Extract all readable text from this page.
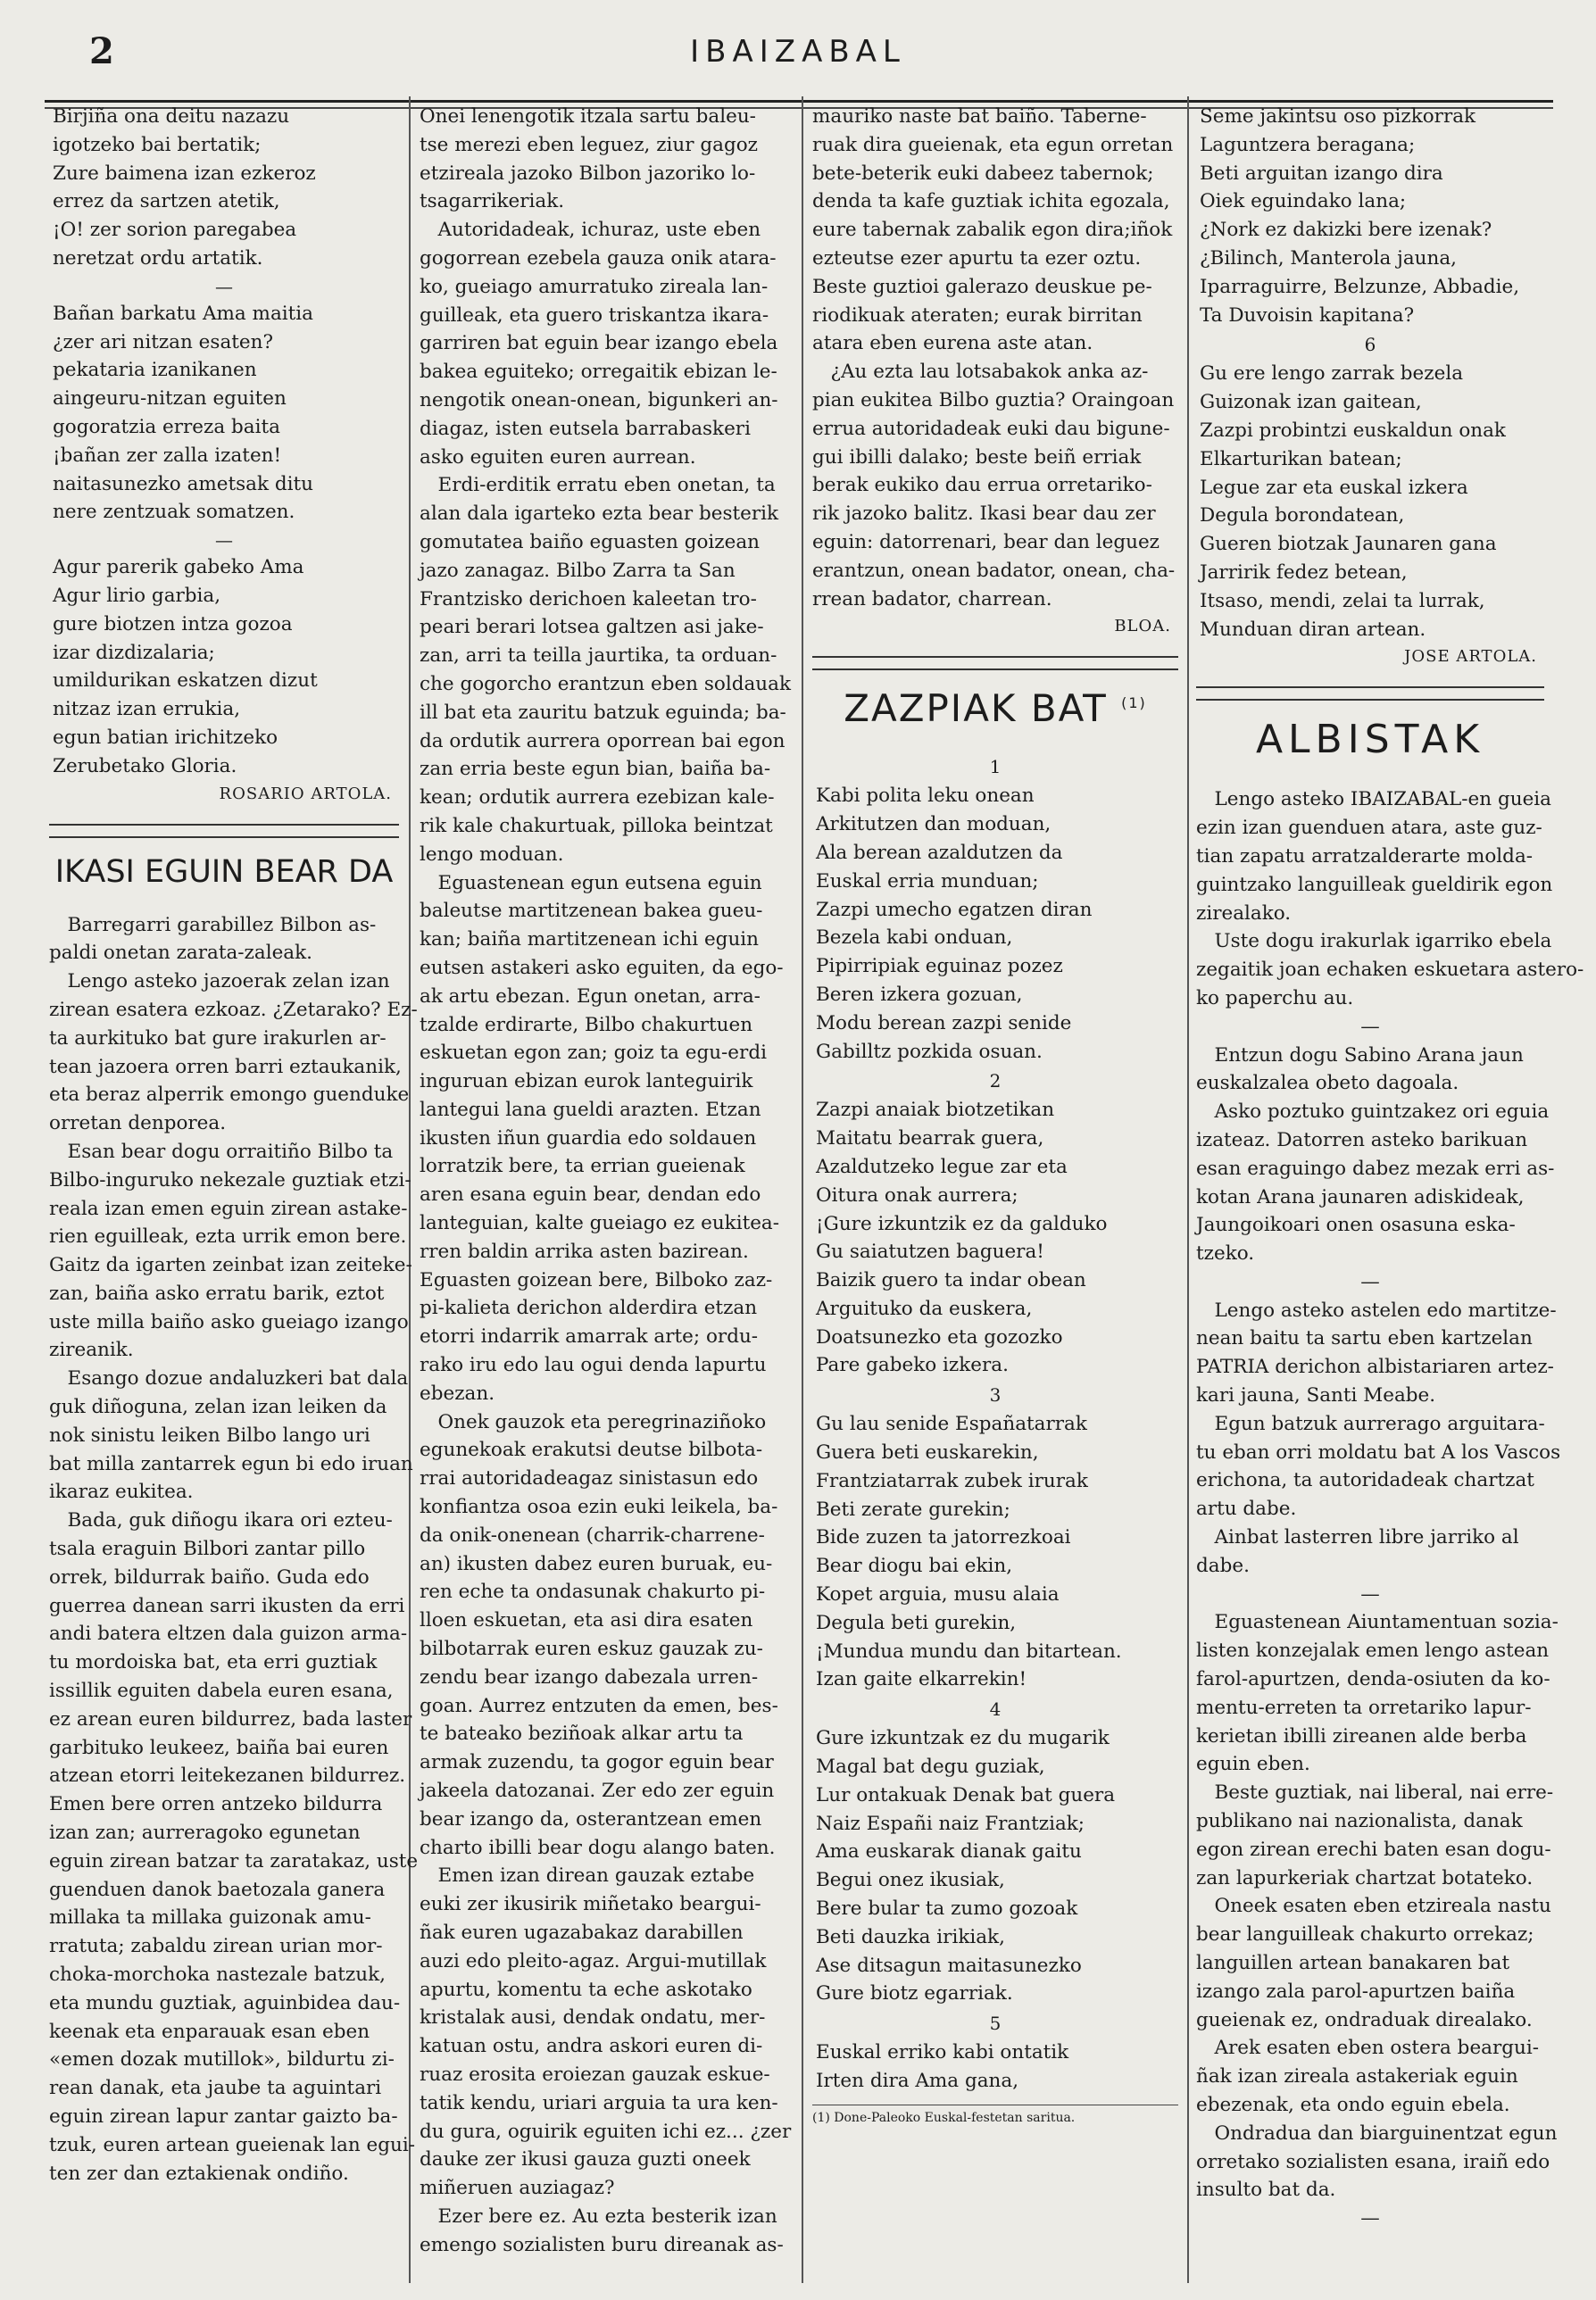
2	IBAIZABAL
Birjiña ona deitu nazazu
igotzeko bai bertatik;
Zure baimena izan ezkeroz
errez da sartzen atetik,
¡O! zer sorion paregabea
neretzat ordu artatik.
—
Bañan barkatu Ama maitia
¿zer ari nitzan esaten?
pekataria izanikanen
aingeuru-nitzan eguiten
gogoratzia erreza baita
¡bañan zer zalla izaten!
naitasunezko ametsak ditu
nere zentzuak somatzen.
—
Agur parerik gabeko Ama
Agur lirio garbia,
gure biotzen intza gozoa
izar dizdizalaria;
umildurikan eskatzen dizut
nitzaz izan errukia,
egun batian irichitzeko
Zerubetako Gloria.
ROSARIO ARTOLA.
IKASI EGUIN BEAR DA
Barregarri garabillez Bilbon as-
paldi onetan zarata-zaleak.
Lengo asteko jazoerak zelan izan
zirean esatera ezkoaz. ¿Zetarako? Ez-
ta aurkituko bat gure irakurlen ar-
tean jazoera orren barri eztaukanik,
eta beraz alperrik emongo guenduke
orretan denporea.
Esan bear dogu orraitiño Bilbo ta
Bilbo-inguruko nekezale guztiak etzi-
reala izan emen eguin zirean astake-
rien eguilleak, ezta urrik emon bere.
Gaitz da igarten zeinbat izan zeiteke-
zan, baiña asko erratu barik, eztot
uste milla baiño asko gueiago izango
zireanik.
Esango dozue andaluzkeri bat dala
guk diñoguna, zelan izan leiken da
nok sinistu leiken Bilbo lango uri
bat milla zantarrek egun bi edo iruan
ikaraz eukitea.
Bada, guk diñogu ikara ori ezteu-
tsala eraguin Bilbori zantar pillo
orrek, bildurrak baiño. Guda edo
guerrea danean sarri ikusten da erri
andi batera eltzen dala guizon arma-
tu mordoiska bat, eta erri guztiak
issillik eguiten dabela euren esana,
ez arean euren bildurrez, bada laster
garbituko leukeez, baiña bai euren
atzean etorri leitekezanen bildurrez.
Emen bere orren antzeko bildurra
izan zan; aurreragoko egunetan
eguin zirean batzar ta zaratakaz, uste
guenduen danok baetozala ganera
millaka ta millaka guizonak amu-
rratuta; zabaldu zirean urian mor-
choka-morchoka nastezale batzuk,
eta mundu guztiak, aguinbidea dau-
keenak eta enparauak esan eben
«emen dozak mutillok», bildurtu zi-
rean danak, eta jaube ta aguintari
eguin zirean lapur zantar gaizto ba-
tzuk, euren artean gueienak lan egui-
ten zer dan eztakienak ondiño.
Onei lenengotik itzala sartu baleu-
tse merezi eben leguez, ziur gagoz
etzireala jazoko Bilbon jazoriko lo-
tsagarrikeriak.
Autoridadeak, ichuraz, uste eben
gogorrean ezebela gauza onik atara-
ko, gueiago amurratuko zireala lan-
guilleak, eta guero triskantza ikara-
garriren bat eguin bear izango ebela
bakea eguiteko; orregaitik ebizan le-
nengotik onean-onean, bigunkeri an-
diagaz, isten eutsela barrabaskeri
asko eguiten euren aurrean.
Erdi-erditik erratu eben onetan, ta
alan dala igarteko ezta bear besterik
gomutatea baiño eguasten goizean
jazo zanagaz. Bilbo Zarra ta San
Frantzisko derichoen kaleetan tro-
peari berari lotsea galtzen asi jake-
zan, arri ta teilla jaurtika, ta orduan-
che gogorcho erantzun eben soldauak
ill bat eta zauritu batzuk eguinda; ba-
da ordutik aurrera oporrean bai egon
zan erria beste egun bian, baiña ba-
kean; ordutik aurrera ezebizan kale-
rik kale chakurtuak, pilloka beintzat
lengo moduan.
Eguastenean egun eutsena eguin
baleutse martitzenean bakea gueu-
kan; baiña martitzenean ichi eguin
eutsen astakeri asko eguiten, da ego-
ak artu ebezan. Egun onetan, arra-
tzalde erdirarte, Bilbo chakurtuen
eskuetan egon zan; goiz ta egu-erdi
inguruan ebizan eurok lanteguirik
lantegui lana gueldi arazten. Etzan
ikusten iñun guardia edo soldauen
lorratzik bere, ta errian gueienak
aren esana eguin bear, dendan edo
lanteguian, kalte gueiago ez eukitea-
rren baldin arrika asten bazirean.
Eguasten goizean bere, Bilboko zaz-
pi-kalieta derichon alderdira etzan
etorri indarrik amarrak arte; ordu-
rako iru edo lau ogui denda lapurtu
ebezan.
Onek gauzok eta peregrinaziñoko
egunekoak erakutsi deutse bilbota-
rrai autoridadeagaz sinistasun edo
konfiantza osoa ezin euki leikela, ba-
da onik-onenean (charrik-charrene-
an) ikusten dabez euren buruak, eu-
ren eche ta ondasunak chakurto pi-
lloen eskuetan, eta asi dira esaten
bilbotarrak euren eskuz gauzak zu-
zendu bear izango dabezala urren-
goan. Aurrez entzuten da emen, bes-
te bateako beziñoak alkar artu ta
armak zuzendu, ta gogor eguin bear
jakeela datozanai. Zer edo zer eguin
bear izango da, osterantzean emen
charto ibilli bear dogu alango baten.
Emen izan direan gauzak eztabe
euki zer ikusirik miñetako beargui-
ñak euren ugazabakaz darabillen
auzi edo pleito-agaz. Argui-mutillak
apurtu, komentu ta eche askotako
kristalak ausi, dendak ondatu, mer-
katuan ostu, andra askori euren di-
ruaz erosita eroiezan gauzak eskue-
tatik kendu, uriari arguia ta ura ken-
du gura, oguirik eguiten ichi ez... ¿zer
dauke zer ikusi gauza guzti oneek
miñeruen auziagaz?
Ezer bere ez. Au ezta besterik izan
emengo sozialisten buru direanak as-
mauriko naste bat baiño. Taberne-
ruak dira gueienak, eta egun orretan
bete-beterik euki dabeez tabernok;
denda ta kafe guztiak ichita egozala,
eure tabernak zabalik egon dira;iñok
ezteutse ezer apurtu ta ezer oztu.
Beste guztioi galerazo deuskue pe-
riodikuak ateraten; eurak birritan
atara eben eurena aste atan.
¿Au ezta lau lotsabakok anka az-
pian eukitea Bilbo guztia? Oraingoan
errua autoridadeak euki dau bigune-
gui ibilli dalako; beste beiñ erriak
berak eukiko dau errua orretariko-
rik jazoko balitz. Ikasi bear dau zer
eguin: datorrenari, bear dan leguez
erantzun, onean badator, onean, cha-
rrean badator, charrean.
BLOA.
ZAZPIAK BAT $^{(1)}$
1
Kabi polita leku onean
Arkitutzen dan moduan,
Ala berean azaldutzen da
Euskal erria munduan;
Zazpi umecho egatzen diran
Bezela kabi onduan,
Pipirripiak eguinaz pozez
Beren izkera gozuan,
Modu berean zazpi senide
Gabilltz pozkida osuan.
2
Zazpi anaiak biotzetikan
Maitatu bearrak guera,
Azaldutzeko legue zar eta
Oitura onak aurrera;
¡Gure izkuntzik ez da galduko
Gu saiatutzen baguera!
Baizik guero ta indar obean
Arguituko da euskera,
Doatsunezko eta gozozko
Pare gabeko izkera.
3
Gu lau senide Españatarrak
Guera beti euskarekin,
Frantziatarrak zubek irurak
Beti zerate gurekin;
Bide zuzen ta jatorrezkoai
Bear diogu bai ekin,
Kopet arguia, musu alaia
Degula beti gurekin,
¡Mundua mundu dan bitartean.
Izan gaite elkarrekin!
4
Gure izkuntzak ez du mugarik
Magal bat degu guziak,
Lur ontakuak Denak bat guera
Naiz Españi naiz Frantziak;
Ama euskarak dianak gaitu
Begui onez ikusiak,
Bere bular ta zumo gozoak
Beti dauzka irikiak,
Ase ditsagun maitasunezko
Gure biotz egarriak.
5
Euskal erriko kabi ontatik
Irten dira Ama gana,
(1) Done-Paleoko Euskal-festetan saritua.
Seme jakintsu oso pizkorrak
Laguntzera beragana;
Beti arguitan izango dira
Oiek eguindako lana;
¿Nork ez dakizki bere izenak?
¿Bilinch, Manterola jauna,
Iparraguirre, Belzunze, Abbadie,
Ta Duvoisin kapitana?
6
Gu ere lengo zarrak bezela
Guizonak izan gaitean,
Zazpi probintzi euskaldun onak
Elkarturikan batean;
Legue zar eta euskal izkera
Degula borondatean,
Gueren biotzak Jaunaren gana
Jarririk fedez betean,
Itsaso, mendi, zelai ta lurrak,
Munduan diran artean.
JOSE ARTOLA.
ALBISTAK
Lengo asteko IBAIZABAL-en gueia
ezin izan guenduen atara, aste guz-
tian zapatu arratzalderarte molda-
guintzako languilleak gueldirik egon
zirealako.
Uste dogu irakurlak igarriko ebela
zegaitik joan echaken eskuetara astero-
ko paperchu au.
—
Entzun dogu Sabino Arana jaun
euskalzalea obeto dagoala.
Asko poztuko guintzakez ori eguia
izateaz. Datorren asteko barikuan
esan eraguingo dabez mezak erri as-
kotan Arana jaunaren adiskideak,
Jaungoikoari onen osasuna eska-
tzeko.
—
Lengo asteko astelen edo martitze-
nean baitu ta sartu eben kartzelan
PATRIA derichon albistariaren artez-
kari jauna, Santi Meabe.
Egun batzuk aurrerago arguitara-
tu eban orri moldatu bat A los Vascos
erichona, ta autoridadeak chartzat
artu dabe.
Ainbat lasterren libre jarriko al
dabe.
—
Eguastenean Aiuntamentuan sozia-
listen konzejalak emen lengo astean
farol-apurtzen, denda-osiuten da ko-
mentu-erreten ta orretariko lapur-
kerietan ibilli zireanen alde berba
eguin eben.
Beste guztiak, nai liberal, nai erre-
publikano nai nazionalista, danak
egon zirean erechi baten esan dogu-
zan lapurkeriak chartzat botateko.
Oneek esaten eben etzireala nastu
bear languilleak chakurto orrekaz;
languillen artean banakaren bat
izango zala parol-apurtzen baiña
gueienak ez, ondraduak direalako.
Arek esaten eben ostera beargui-
ñak izan zireala astakeriak eguin
ebezenak, eta ondo eguin ebela.
Ondradua dan biarguinentzat egun
orretako sozialisten esana, iraiñ edo
insulto bat da.
—
